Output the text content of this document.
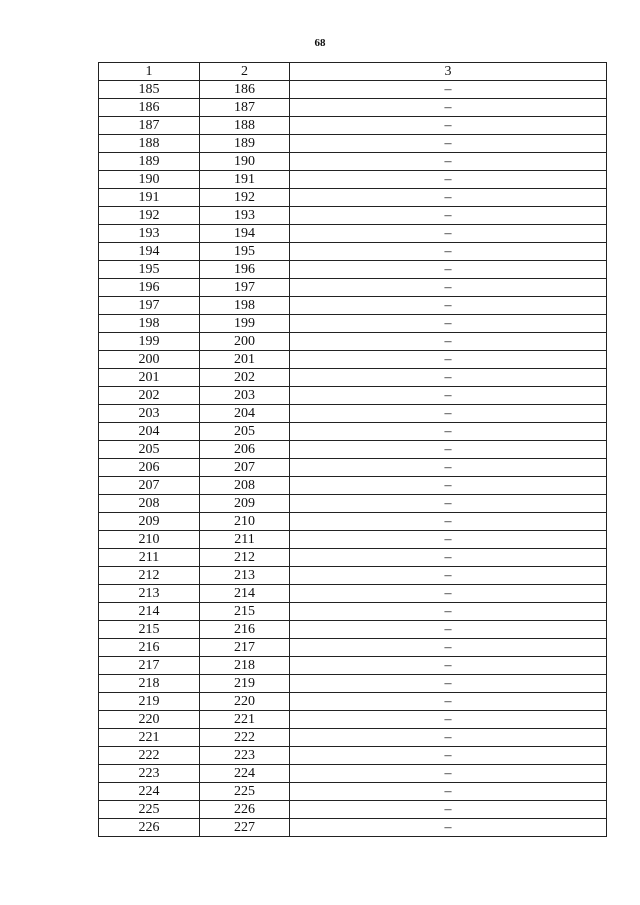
68
1	2	3
185	186	–
186	187	–
187	188	–
188	189	–
189	190	–
190	191	–
191	192	–
192	193	–
193	194	–
194	195	–
195	196	–
196	197	–
197	198	–
198	199	–
199	200	–
200	201	–
201	202	–
202	203	–
203	204	–
204	205	–
205	206	–
206	207	–
207	208	–
208	209	–
209	210	–
210	211	–
211	212	–
212	213	–
213	214	–
214	215	–
215	216	–
216	217	–
217	218	–
218	219	–
219	220	–
220	221	–
221	222	–
222	223	–
223	224	–
224	225	–
225	226	–
226	227	–
